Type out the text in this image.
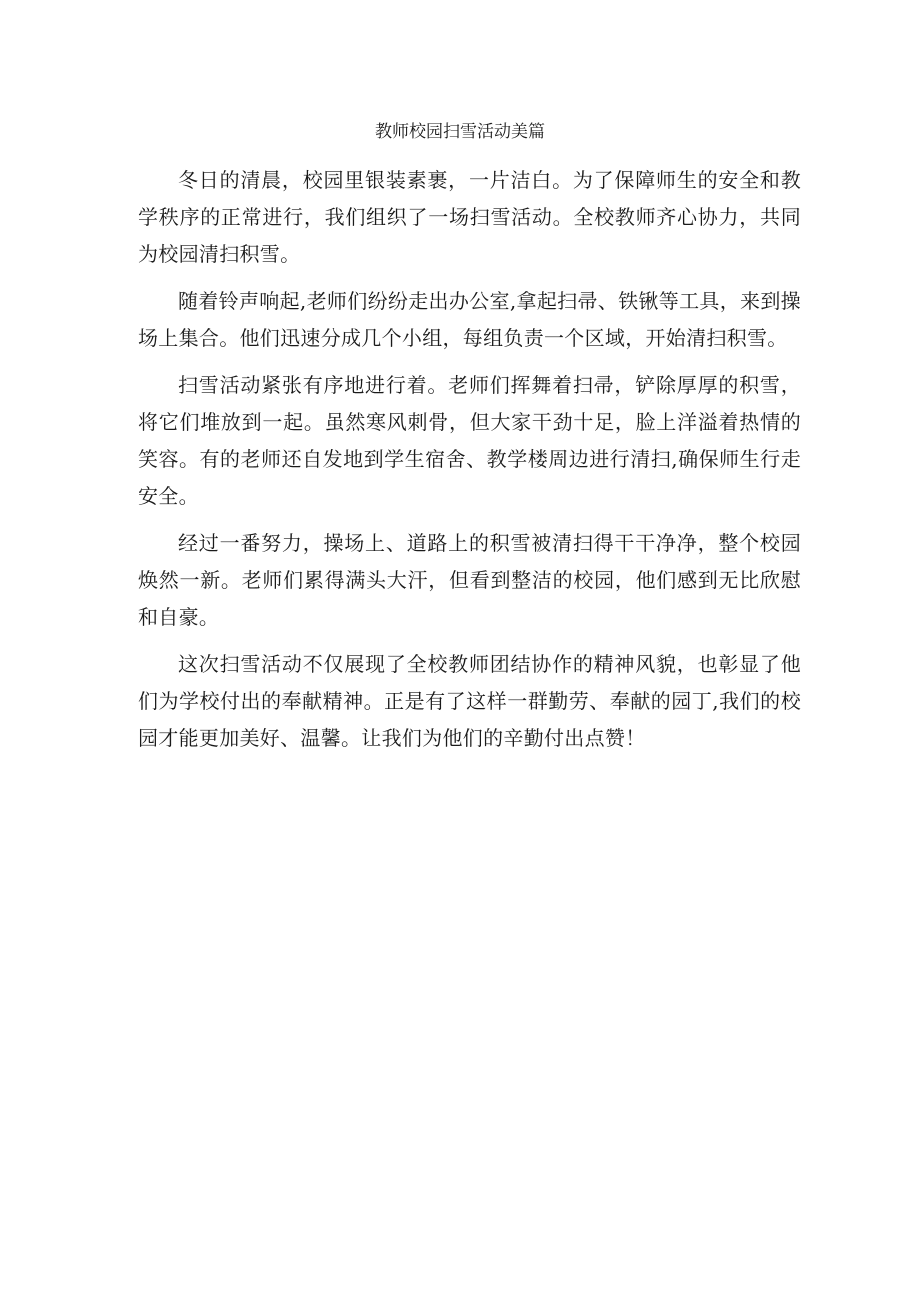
教师校园扫雪活动美篇

冬日的清晨，校园里银装素裹，一片洁白。为了保障师生的安全和教学秩序的正常进行，我们组织了一场扫雪活动。全校教师齐心协力，共同为校园清扫积雪。

随着铃声响起,老师们纷纷走出办公室,拿起扫帚、铁锹等工具，来到操场上集合。他们迅速分成几个小组，每组负责一个区域，开始清扫积雪。

扫雪活动紧张有序地进行着。老师们挥舞着扫帚，铲除厚厚的积雪，将它们堆放到一起。虽然寒风刺骨，但大家干劲十足，脸上洋溢着热情的笑容。有的老师还自发地到学生宿舍、教学楼周边进行清扫,确保师生行走安全。

经过一番努力，操场上、道路上的积雪被清扫得干干净净，整个校园焕然一新。老师们累得满头大汗，但看到整洁的校园，他们感到无比欣慰和自豪。

这次扫雪活动不仅展现了全校教师团结协作的精神风貌，也彰显了他们为学校付出的奉献精神。正是有了这样一群勤劳、奉献的园丁,我们的校园才能更加美好、温馨。让我们为他们的辛勤付出点赞！
